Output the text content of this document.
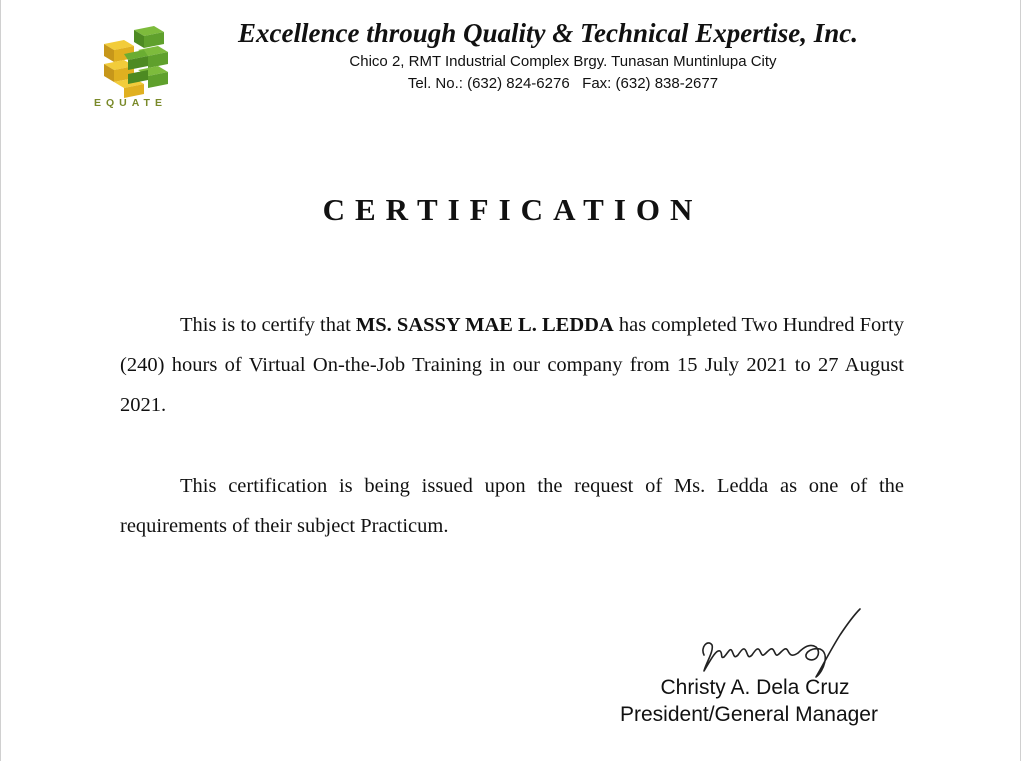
EQUATE
Excellence through Quality & Technical Expertise, Inc.
Chico 2, RMT Industrial Complex Brgy. Tunasan Muntinlupa City
Tel. No.: (632) 824-6276   Fax: (632) 838-2677
CERTIFICATION
This is to certify that MS. SASSY MAE L. LEDDA has completed Two Hundred Forty (240) hours of Virtual On-the-Job Training in our company from 15 July 2021 to 27 August 2021.
This certification is being issued upon the request of Ms. Ledda as one of the requirements of their subject Practicum.
Christy A. Dela Cruz
President/General Manager
